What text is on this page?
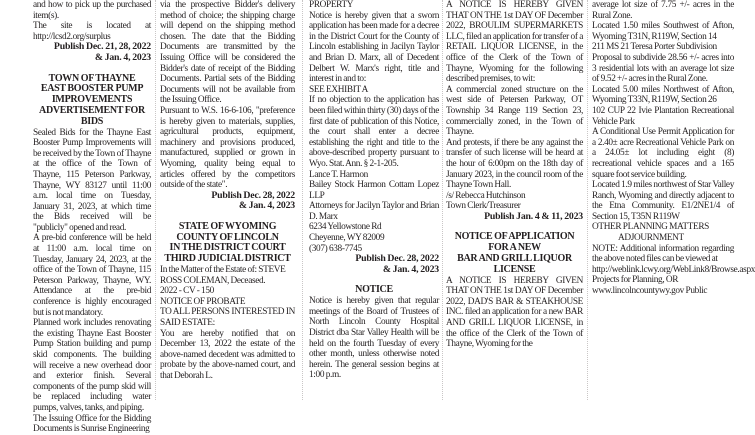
and how to pick up the purchased item(s).

The site is located at http://lcsd2.org/surplus

Publish Dec. 21, 28, 2022

& Jan. 4, 2023

TOWN OF THAYNE

EAST BOOSTER PUMP

IMPROVEMENTS

ADVERTISEMENT FOR BIDS

Sealed Bids for the Thayne East Booster Pump Improvements will be received by the Town of Thayne at the office of the Town of Thayne, 115 Peterson Parkway, Thayne, WY 83127 until 11:00 a.m. local time on Tuesday, January 31, 2023, at which time the Bids received will be "publicly" opened and read.

A pre-bid conference will be held at 11:00 a.m. local time on Tuesday, January 24, 2023, at the office of the Town of Thayne, 115 Peterson Parkway, Thayne, WY. Attendance at the pre-bid conference is highly encouraged but is not mandatory.

Planned work includes renovating the existing Thayne East Booster Pump Station building and pump skid components. The building will receive a new overhead door and exterior finish. Several components of the pump skid will be replaced including water pumps, valves, tanks, and piping.

The Issuing Office for the Bidding Documents is Sunrise Engineering

via the prospective Bidder's delivery method of choice; the shipping charge will depend on the shipping method chosen. The date that the Bidding Documents are transmitted by the Issuing Office will be considered the Bidder's date of receipt of the Bidding Documents. Partial sets of the Bidding Documents will not be available from the Issuing Office.

Pursuant to W.S. 16-6-106, "preference is hereby given to materials, supplies, agricultural products, equipment, machinery and provisions produced, manufactured, supplied or grown in Wyoming, quality being equal to articles offered by the competitors outside of the state".

Publish Dec. 28, 2022

& Jan. 4, 2023

STATE OF WYOMING

COUNTY OF LINCOLN

IN THE DISTRICT COURT

THIRD JUDICIAL DISTRICT

In the Matter of the Estate of: STEVE ROSS COLEMAN, Deceased.

2022 - CV - 150

NOTICE OF PROBATE

TO ALL PERSONS INTERESTED IN SAID ESTATE:

You are hereby notified that on December 13, 2022 the estate of the above-named decedent was admitted to probate by the above-named court, and that Deborah L.

PROPERTY

Notice is hereby given that a sworn application has been made for a decree in the District Court for the County of Lincoln establishing in Jacilyn Taylor and Brian D. Marx, all of Decedent Delbert W. Marx's right, title and interest in and to:

SEE EXHIBIT A

If no objection to the application has been filed within thirty (30) days of the first date of publication of this Notice, the court shall enter a decree establishing the right and title to the above-described property pursuant to Wyo. Stat. Ann. § 2-1-205.

Lance T. Harmon

Bailey Stock Harmon Cottam Lopez LLP

Attorneys for Jacilyn Taylor and Brian D. Marx

6234 Yellowstone Rd

Cheyenne, WY 82009

(307) 638-7745

Publish Dec. 28, 2022

& Jan. 4, 2023

NOTICE

Notice is hereby given that regular meetings of the Board of Trustees of North Lincoln County Hospital District dba Star Valley Health will be held on the fourth Tuesday of every other month, unless otherwise noted herein. The general session begins at 1:00 p.m.

A NOTICE IS HEREBY GIVEN THAT ON THE 1st DAY OF December 2022, BROULIM SUPERMARKETS LLC, filed an application for transfer of a RETAIL LIQUOR LICENSE, in the office of the Clerk of the Town of Thayne, Wyoming for the following described premises, to wit:

A commercial zoned structure on the west side of Petersen Parkway, OT Township 34 Range 119 Section 23, commercially zoned, in the Town of Thayne.

And protests, if there be any against the transfer of such license will be heard at the hour of 6:00pm on the 18th day of January 2023, in the council room of the Thayne Town Hall.

/s/ Rebecca Hutchinson

Town Clerk/Treasurer

Publish Jan. 4 & 11, 2023

NOTICE OF APPLICATION

FOR A NEW

BAR AND GRILL LIQUOR

LICENSE

A NOTICE IS HEREBY GIVEN THAT ON THE 1st DAY OF December 2022, DAD'S BAR & STEAKHOUSE INC. filed an application for a new BAR AND GRILL LIQUOR LICENSE, in the office of the Clerk of the Town of Thayne, Wyoming for the

average lot size of 7.75 +/- acres in the Rural Zone.

Located 1.50 miles Southwest of Afton, Wyoming T31N, R119W, Section 14

211 MS 21 Teresa Porter Subdivision

Proposal to subdivide 28.56 +/- acres into 3 residential lots with an average lot size of 9.52 +/- acres in the Rural Zone.

Located 5.00 miles Northwest of Afton, Wyoming T33N, R119W, Section 26

102 CUP 22 Ivie Plantation Recreational Vehicle Park

A Conditional Use Permit Application for a 2.40± acre Recreational Vehicle Park on a 24.05± lot including eight (8) recreational vehicle spaces and a 165 square foot service building.

Located 1.9 miles northwest of Star Valley Ranch, Wyoming and directly adjacent to the Etna Community. E1/2NE1/4 of Section 15, T35N R119W

OTHER PLANNING MATTERS

ADJOURNMENT

NOTE: Additional information regarding the above noted files can be viewed at

http://weblink.lcwy.org/WebLink8/Browse.aspx Projects for Planning, OR

www.lincolncountywy.gov Public
